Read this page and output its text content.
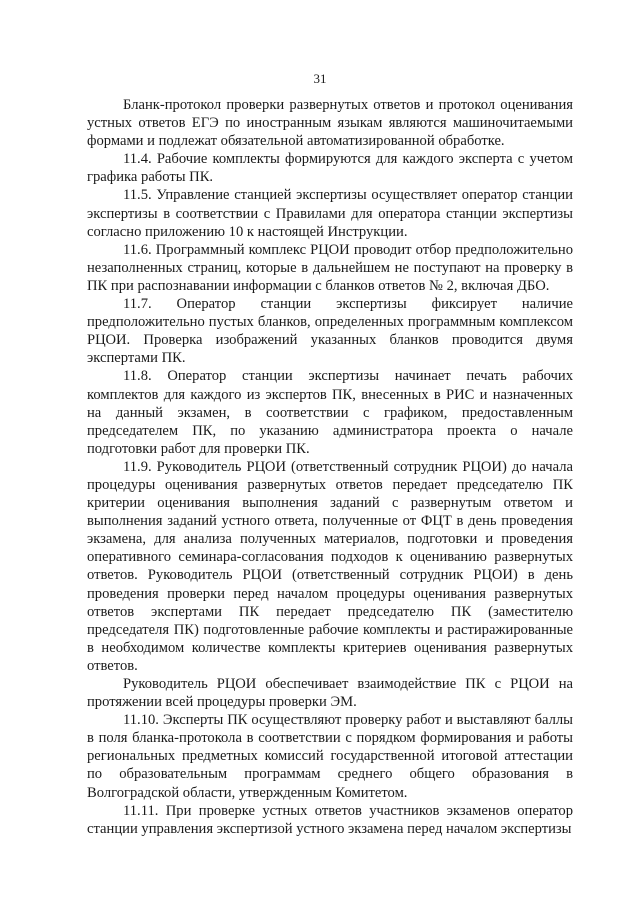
31

Бланк-протокол проверки развернутых ответов и протокол оценивания устных ответов ЕГЭ по иностранным языкам являются машиночитаемыми формами и подлежат обязательной автоматизированной обработке.

11.4. Рабочие комплекты формируются для каждого эксперта с учетом графика работы ПК.

11.5. Управление станцией экспертизы осуществляет оператор станции экспертизы в соответствии с Правилами для оператора станции экспертизы согласно приложению 10 к настоящей Инструкции.

11.6. Программный комплекс РЦОИ проводит отбор предположительно незаполненных страниц, которые в дальнейшем не поступают на проверку в ПК при распознавании информации с бланков ответов № 2, включая ДБО.

11.7. Оператор станции экспертизы фиксирует наличие предположительно пустых бланков, определенных программным комплексом РЦОИ. Проверка изображений указанных бланков проводится двумя экспертами ПК.

11.8. Оператор станции экспертизы начинает печать рабочих комплектов для каждого из экспертов ПК, внесенных в РИС и назначенных на данный экзамен, в соответствии с графиком, предоставленным председателем ПК, по указанию администратора проекта о начале подготовки работ для проверки ПК.

11.9. Руководитель РЦОИ (ответственный сотрудник РЦОИ) до начала процедуры оценивания развернутых ответов передает председателю ПК критерии оценивания выполнения заданий с развернутым ответом и выполнения заданий устного ответа, полученные от ФЦТ в день проведения экзамена, для анализа полученных материалов, подготовки и проведения оперативного семинара-согласования подходов к оцениванию развернутых ответов. Руководитель РЦОИ (ответственный сотрудник РЦОИ) в день проведения проверки перед началом процедуры оценивания развернутых ответов экспертами ПК передает председателю ПК (заместителю председателя ПК) подготовленные рабочие комплекты и растиражированные в необходимом количестве комплекты критериев оценивания развернутых ответов.

Руководитель РЦОИ обеспечивает взаимодействие ПК с РЦОИ на протяжении всей процедуры проверки ЭМ.

11.10. Эксперты ПК осуществляют проверку работ и выставляют баллы в поля бланка-протокола в соответствии с порядком формирования и работы региональных предметных комиссий государственной итоговой аттестации по образовательным программам среднего общего образования в Волгоградской области, утвержденным Комитетом.

11.11. При проверке устных ответов участников экзаменов оператор станции управления экспертизой устного экзамена перед началом экспертизы
